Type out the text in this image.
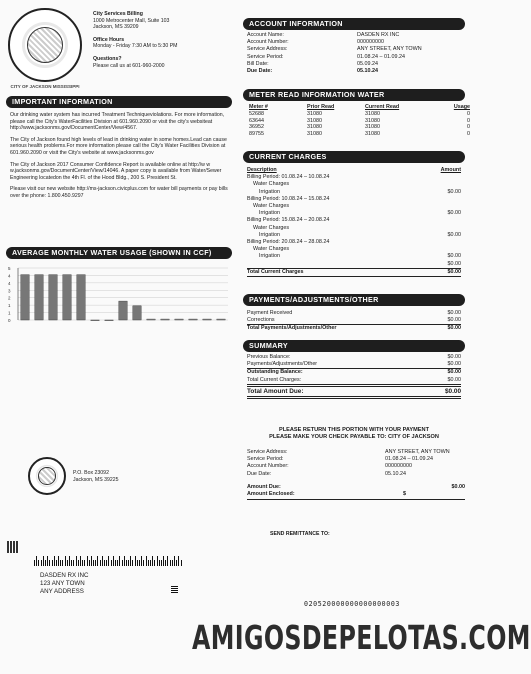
CITY OF JACKSON MISSISSIPPI
City Services Billing
1000 Metrocenter Mall, Suite 103
Jackson, MS 39209
Office Hours
Monday - Friday 7:30 AM to 5:30 PM
Questions?
Please call us at 601-960-2000
IMPORTANT INFORMATION

Our drinking water system has incurred Treatment Techniqueviolations. For more information, please call the City's WaterFacilities Division at 601.960.2090 or visit the city's websiteat http://www.jacksonms.gov/DocumentCenter/View/4567.

The City of Jackson found high levels of lead in drinking water in some homes.Lead can cause serious health problems.For more information please call the City's Water Facilities Division at 601.960.2090 or visit the City's website at www.jacksonms.gov

The City of Jackson 2017 Consumer Confidence Report is available online at http://w w w.jacksonms.gov/DocumentCenter/View/14046. A paper copy is available from Water/Sewer Engineering locatedon the 4th Fl. of the Hood Bldg., 200 S. President St.

Please visit our new website http://ms-jackson.civicplus.com for water bill payments or pay bills over the phone: 1.800.450.9297

AVERAGE MONTHLY WATER USAGE (SHOWN IN CCF)
5
4
4
3
2
1
1
0
ACCOUNT INFORMATION
Account Name:	DASDEN RX INC
Account Number:	000000000
Service Address:	ANY STREET, ANY TOWN
Service Period:	01.08.24 – 01.09.24
Bill Date:	05.09.24
Due Date:	05.10.24
METER READ INFORMATION WATER
Meter #	Prior Read	Current Read	Usage
52688	31080	31080	0
63644	31080	31080	0
36952	31080	31080	0
89755	31080	31080	0
CURRENT CHARGES
Description	Amount
Billing Period: 01.08.24 – 10.08.24
Water Charges
Irrigation	$0.00
Billing Period: 10.08.24 – 15.08.24
Water Charges
Irrigation	$0.00
Billing Period: 15.08.24 – 20.08.24
Water Charges
Irrigation	$0.00
Billing Period: 20.08.24 – 28.08.24
Water Charges
Irrigation	$0.00
$0.00
Total Current Charges	$0.00
PAYMENTS/ADJUSTMENTS/OTHER
Payment Received	$0.00
Corrections	$0.00
Total Payments/Adjustments/Other	$0.00
SUMMARY
Previous Balance:	$0.00
Payments/Adjustments/Other	$0.00
Outstanding Balance:	$0.00
Total Current Charges:	$0.00
Total Amount Due:	$0.00
PLEASE RETURN THIS PORTION WITH YOUR PAYMENT
PLEASE MAKE YOUR CHECK PAYABLE TO: CITY OF JACKSON
Service Address:	ANY STREET, ANY TOWN
Service Period:	01.08.24 – 01.09.24
Account Number:	000000000
Due Date:	05.10.24
Amount Due:	$0.00
Amount Enclosed:	$
P.O. Box 23092
Jackson, MS 39225
SEND REMITTANCE TO:
DASDEN RX INC
123 ANY TOWN
ANY ADDRESS
020520000000000000003
AMIGOSDEPELOTAS.COM
